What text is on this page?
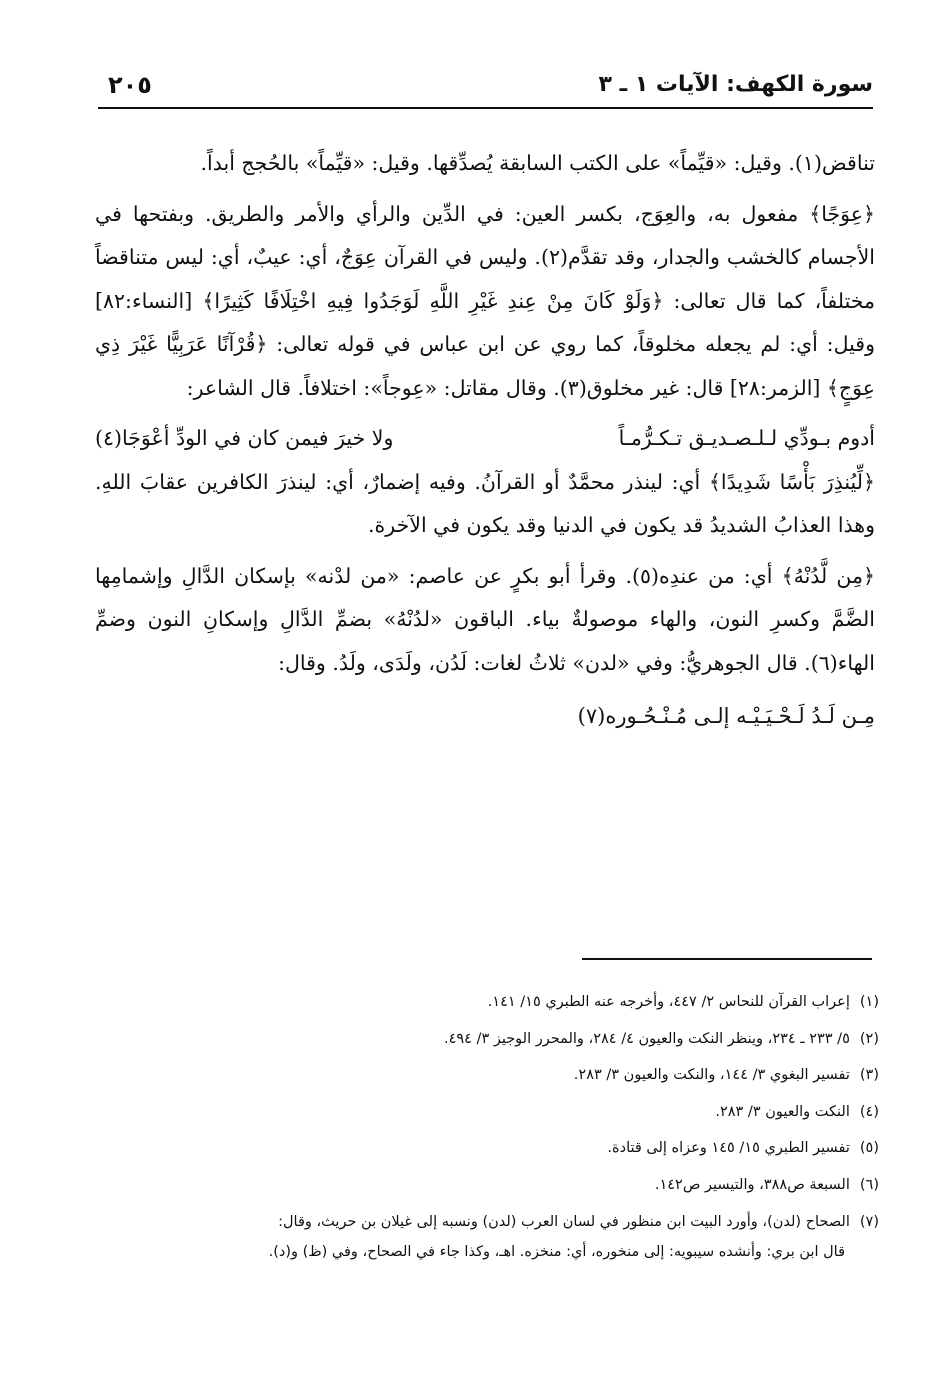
سورة الكهف: الآيات ١ ـ ٣
٢٠٥

تناقض(١). وقيل: «قيِّماً» على الكتب السابقة يُصدِّقها. وقيل: «قيِّماً» بالحُجج أبداً.

﴿عِوَجًا﴾ مفعول به، والعِوَج، بكسر العين: في الدِّين والرأي والأمر والطريق. وبفتحها في الأجسام كالخشب والجدار، وقد تقدَّم(٢). وليس في القرآن عِوَجٌ، أي: عيبٌ، أي: ليس متناقضاً مختلفاً، كما قال تعالى: ﴿وَلَوْ كَانَ مِنْ عِندِ غَيْرِ اللَّهِ لَوَجَدُوا فِيهِ اخْتِلَافًا كَثِيرًا﴾ [النساء:٨٢] وقيل: أي: لم يجعله مخلوقاً، كما روي عن ابن عباس في قوله تعالى: ﴿قُرْآنًا عَرَبِيًّا غَيْرَ ذِي عِوَجٍ﴾ [الزمر:٢٨] قال: غير مخلوق(٣). وقال مقاتل: «عِوجاً»: اختلافاً. قال الشاعر:

أدوم بـودِّي لـلـصـديـق تـكـرُّمـاً
ولا خيرَ فيمن كان في الودِّ أعْوَجَا(٤)

﴿لِّيُنذِرَ بَأْسًا شَدِيدًا﴾ أي: لينذر محمَّدٌ أو القرآنُ. وفيه إضمارٌ، أي: لينذرَ الكافرين عقابَ اللهِ. وهذا العذابُ الشديدُ قد يكون في الدنيا وقد يكون في الآخرة.

﴿مِن لَّدُنْهُ﴾ أي: من عندِه(٥). وقرأ أبو بكرٍ عن عاصم: «من لدْنه» بإسكان الدَّالِ وإشمامِها الضَّمَّ وكسرِ النون، والهاء موصولةٌ بياء. الباقون «لدُنْهُ» بضمِّ الدَّالِ وإسكانِ النون وضمِّ الهاء(٦). قال الجوهريُّ: وفي «لدن» ثلاثُ لغات: لَدُن، ولَدَى، ولَدُ. وقال:

مِـن لَـدُ لَـحْـيَـيْـه إلـى مُـنْـحُـوره(٧)

(١)إعراب القرآن للنحاس ٢/ ٤٤٧، وأخرجه عنه الطبري ١٥/ ١٤١.

(٢)٥/ ٢٣٣ ـ ٢٣٤، وينظر النكت والعيون ٤/ ٢٨٤، والمحرر الوجيز ٣/ ٤٩٤.

(٣)تفسير البغوي ٣/ ١٤٤، والنكت والعيون ٣/ ٢٨٣.

(٤)النكت والعيون ٣/ ٢٨٣.

(٥)تفسير الطبري ١٥/ ١٤٥ وعزاه إلى قتادة.

(٦)السبعة ص٣٨٨، والتيسير ص١٤٢.

(٧)الصحاح (لدن)، وأورد البيت ابن منظور في لسان العرب (لدن) ونسبه إلى غيلان بن حريث، وقال:

قال ابن بري: وأنشده سيبويه: إلى منخوره، أي: منخزه. اهـ، وكذا جاء في الصحاح، وفي (ظ) و(د).
